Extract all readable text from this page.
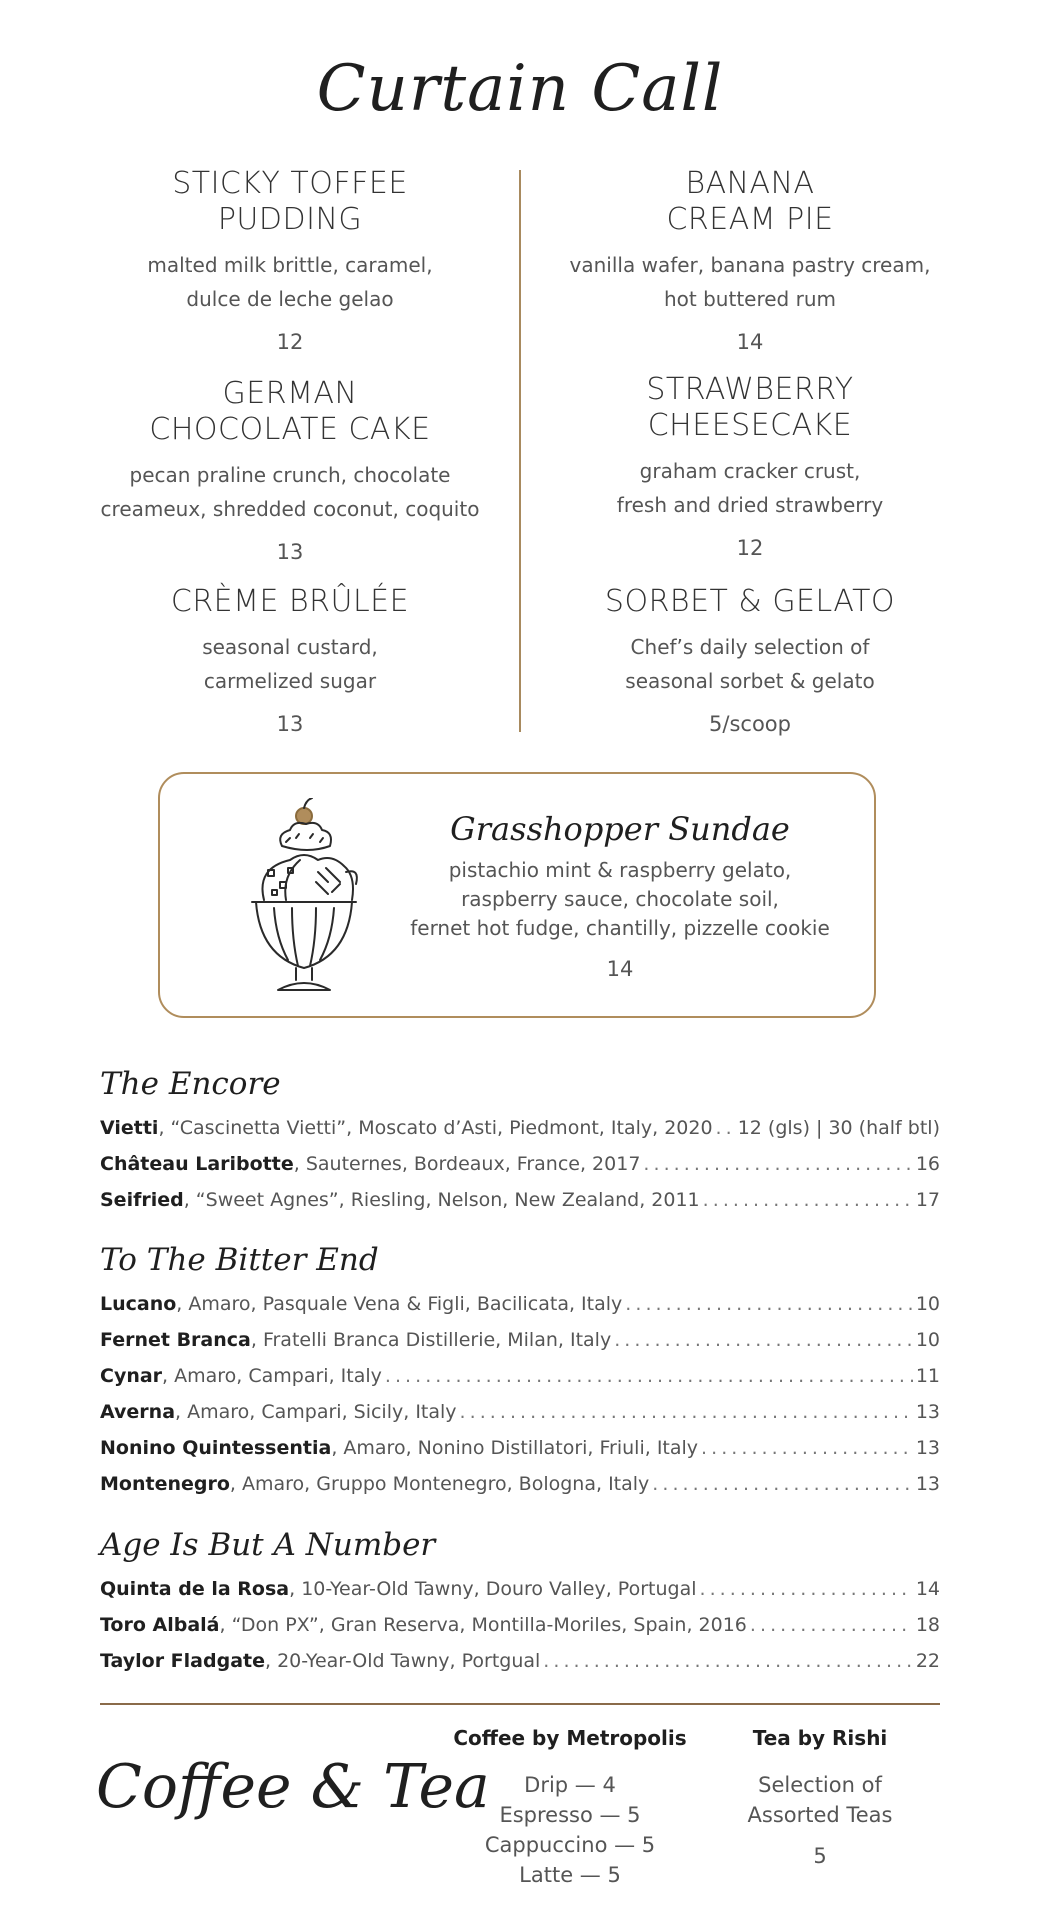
Curtain Call
STICKY TOFFEE
PUDDING
malted milk brittle, caramel,
dulce de leche gelao
12
GERMAN
CHOCOLATE CAKE
pecan praline crunch, chocolate
creameux, shredded coconut, coquito
13
CRÈME BRÛLÉE
seasonal custard,
carmelized sugar
13
BANANA
CREAM PIE
vanilla wafer, banana pastry cream,
hot buttered rum
14
STRAWBERRY
CHEESECAKE
graham cracker crust,
fresh and dried strawberry
12
SORBET & GELATO
Chef’s daily selection of
seasonal sorbet & gelato
5/scoop
Grasshopper Sundae
pistachio mint & raspberry gelato,
raspberry sauce, chocolate soil,
fernet hot fudge, chantilly, pizzelle cookie
14
The Encore
Vietti , “Cascinetta Vietti”, Moscato d’Asti, Piedmont, Italy, 2020 . . . 12 (gls) | 30 (half btl)
Château Laribotte , Sauternes, Bordeaux, France, 2017 . . .	16
Seifried , “Sweet Agnes”, Riesling, Nelson, New Zealand, 2011 . . .	17
To The Bitter End
Lucano , Amaro, Pasquale Vena & Figli, Bacilicata, Italy . . .	10
Fernet Branca , Fratelli Branca Distillerie, Milan, Italy . . .	10
Cynar , Amaro, Campari, Italy . . .	11
Averna , Amaro, Campari, Sicily, Italy . . .	13
Nonino Quintessentia , Amaro, Nonino Distillatori, Friuli, Italy . . .	13
Montenegro , Amaro, Gruppo Montenegro, Bologna, Italy . . .	13
Age Is But A Number
Quinta de la Rosa , 10-Year-Old Tawny, Douro Valley, Portugal . . .	14
Toro Albalá , “Don PX”, Gran Reserva, Montilla-Moriles, Spain, 2016 . . .	18
Taylor Fladgate , 20-Year-Old Tawny, Portgual . . .	22
Coffee & Tea
Coffee by Metropolis
Drip — 4
Espresso — 5
Cappuccino — 5
Latte — 5
Tea by Rishi
Selection of
Assorted Teas
5
